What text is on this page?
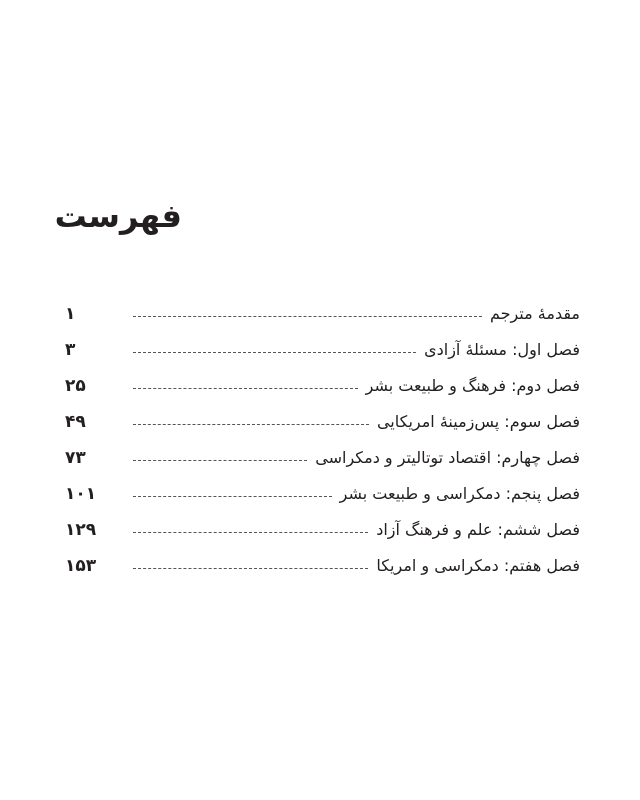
فهرست
مقدمهٔ مترجم
۱
فصل اول: مسئلهٔ آزادی
۳
فصل دوم: فرهنگ و طبیعت بشر
۲۵
فصل سوم: پس‌زمینهٔ امریکایی
۴۹
فصل چهارم: اقتصاد توتالیتر و دمکراسی
۷۳
فصل پنجم: دمکراسی و طبیعت بشر
۱۰۱
فصل ششم: علم و فرهنگ آزاد
۱۲۹
فصل هفتم: دمکراسی و امریکا
۱۵۳
